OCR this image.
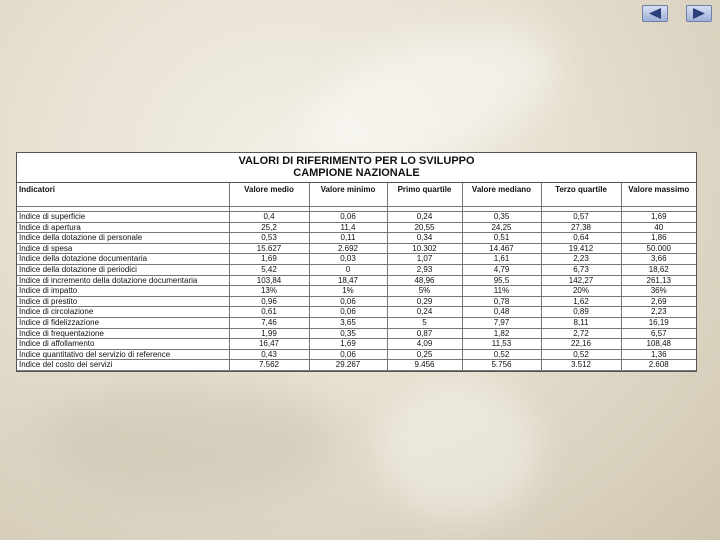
VALORI DI RIFERIMENTO PER LO SVILUPPO
CAMPIONE NAZIONALE
Indicatori	Valore medio	Valore minimo	Primo quartile	Valore mediano	Terzo quartile	Valore massimo

Indice di superficie	0,4	0,06	0,24	0,35	0,57	1,69
Indice di apertura	25,2	11,4	20,55	24,25	27,38	40
Indice della dotazione di personale	0,53	0,11	0,34	0,51	0,64	1,86
Indice di spesa	15.627	2.692	10.302	14.467	19.412	50.000
Indice della dotazione documentaria	1,69	0,03	1,07	1,61	2,23	3,66
Indice della dotazione di periodici	5,42	0	2,93	4,79	6,73	18,62
Indice di incremento della dotazione documentaria	103,84	18,47	48,96	95,5	142,27	261,13
Indice di impatto	13%	1%	5%	11%	20%	36%
Indice di prestito	0,96	0,06	0,29	0,78	1,62	2,69
Indice di circolazione	0,61	0,06	0,24	0,48	0,89	2,23
Indice di fidelizzazione	7,46	3,65	5	7,97	8,11	16,19
Indice di frequentazione	1,99	0,35	0,87	1,82	2,72	6,57
Indice di affollamento	16,47	1,69	4,09	11,53	22,16	108,48
Indice quantitativo del servizio di reference	0,43	0,06	0,25	0,52	0,52	1,36
Indice del costo dei servizi	7.562	29.267	9.456	5.756	3.512	2.608
